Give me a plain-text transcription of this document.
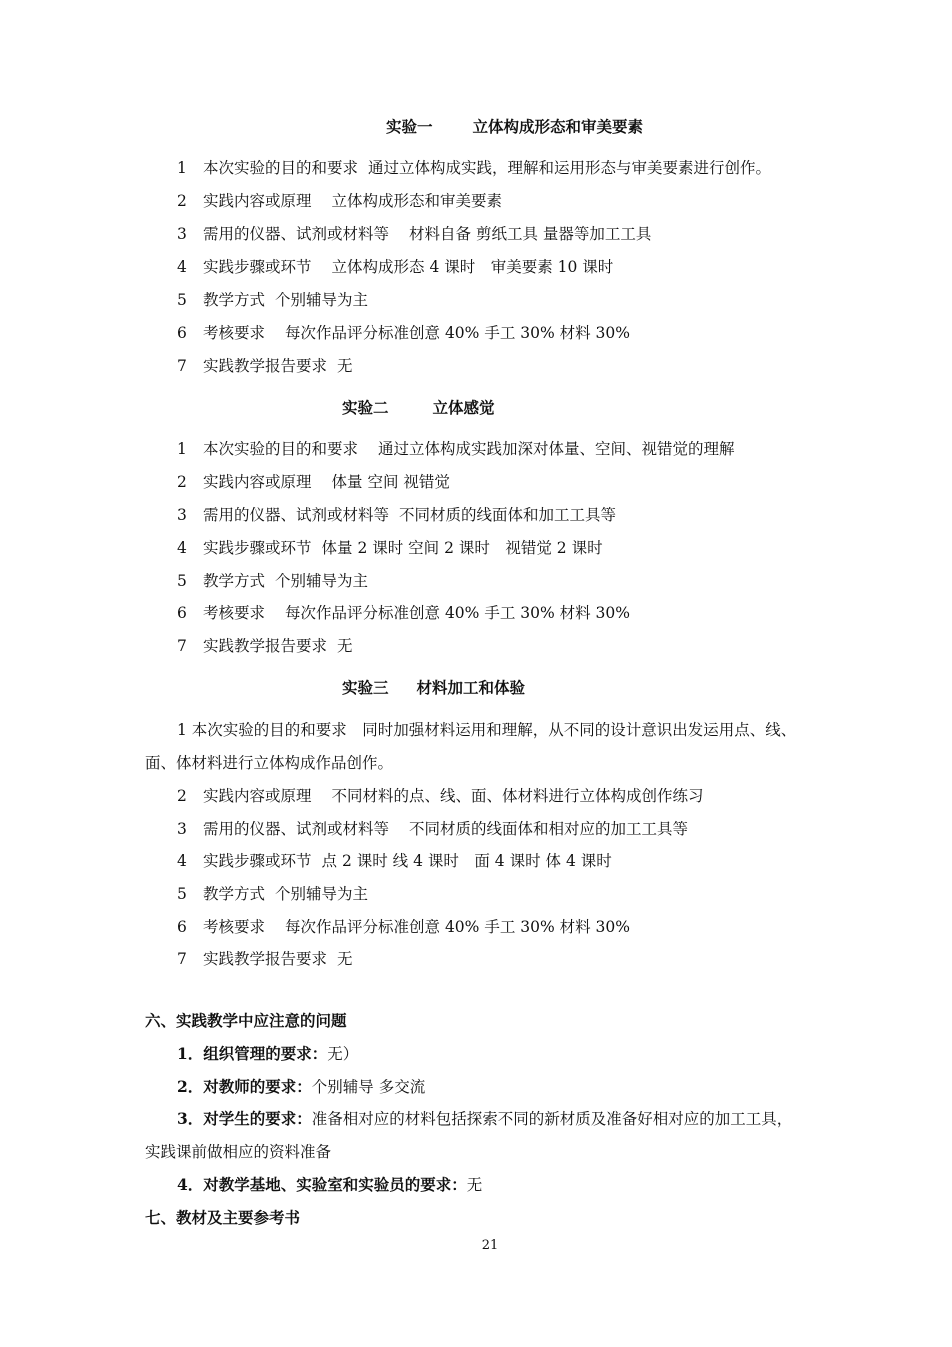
实验一	立体构成形态和审美要素
1 本次实验的目的和要求 通过立体构成实践，理解和运用形态与审美要素进行创作。
2 实践内容或原理 立体构成形态和审美要素
3 需用的仪器、试剂或材料等 材料自备 剪纸工具 量器等加工工具
4 实践步骤或环节 立体构成形态 4 课时　审美要素 10 课时
5 教学方式 个别辅导为主
6 考核要求 每次作品评分标准创意 40% 手工 30% 材料 30%
7 实践教学报告要求 无
实验二	立体感觉
1 本次实验的目的和要求 通过立体构成实践加深对体量、空间、视错觉的理解
2 实践内容或原理 体量 空间 视错觉
3 需用的仪器、试剂或材料等 不同材质的线面体和加工工具等
4 实践步骤或环节 体量 2 课时 空间 2 课时　视错觉 2 课时
5 教学方式 个别辅导为主
6 考核要求 每次作品评分标准创意 40% 手工 30% 材料 30%
7 实践教学报告要求 无
实验三 材料加工和体验
1 本次实验的目的和要求　同时加强材料运用和理解，从不同的设计意识出发运用点、线、
面、体材料进行立体构成作品创作。
2 实践内容或原理 不同材料的点、线、面、体材料进行立体构成创作练习
3 需用的仪器、试剂或材料等 不同材质的线面体和相对应的加工工具等
4 实践步骤或环节 点 2 课时 线 4 课时　面 4 课时 体 4 课时
5 教学方式 个别辅导为主
6 考核要求 每次作品评分标准创意 40% 手工 30% 材料 30%
7 实践教学报告要求 无
六、实践教学中应注意的问题
1．组织管理的要求：无）
2．对教师的要求：个别辅导 多交流
3．对学生的要求：准备相对应的材料包括探索不同的新材质及准备好相对应的加工工具，
实践课前做相应的资料准备
4．对教学基地、实验室和实验员的要求：无
七、教材及主要参考书
21
